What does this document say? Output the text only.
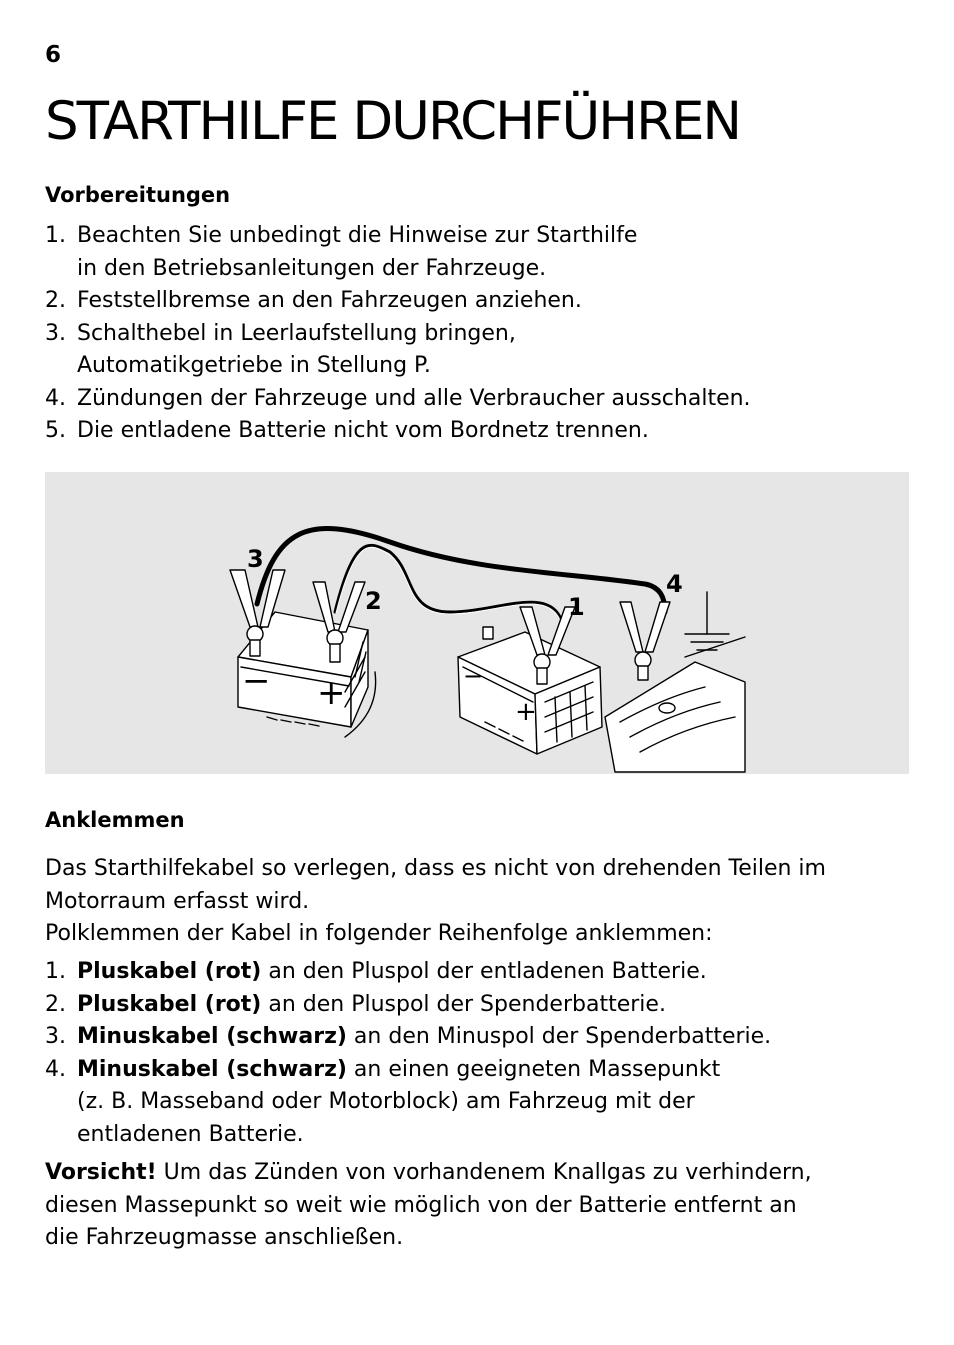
6
STARTHILFE DURCHFÜHREN
Vorbereitungen
1. Beachten Sie unbedingt die Hinweise zur Starthilfe
in den Betriebsanleitungen der Fahrzeuge.
2. Feststellbremse an den Fahrzeugen anziehen.
3. Schalthebel in Leerlaufstellung bringen,
Automatikgetriebe in Stellung P.
4. Zündungen der Fahrzeuge und alle Verbraucher ausschalten.
5. Die entladene Batterie nicht vom Bordnetz trennen.
− +	−
+
3
2	1
4
Anklemmen

Das Starthilfekabel so verlegen, dass es nicht von drehenden Teilen im Motorraum erfasst wird.

Polklemmen der Kabel in folgender Reihenfolge anklemmen:

1. Pluskabel (rot) an den Pluspol der entladenen Batterie.
2. Pluskabel (rot) an den Pluspol der Spenderbatterie.
3. Minuskabel (schwarz) an den Minuspol der Spenderbatterie.
4. Minuskabel (schwarz) an einen geeigneten Massepunkt (z. B. Masseband oder Motorblock) am Fahrzeug mit der entladenen Batterie.

Vorsicht! Um das Zünden von vorhandenem Knallgas zu verhindern, diesen Massepunkt so weit wie möglich von der Batterie entfernt an die Fahrzeugmasse anschließen.
